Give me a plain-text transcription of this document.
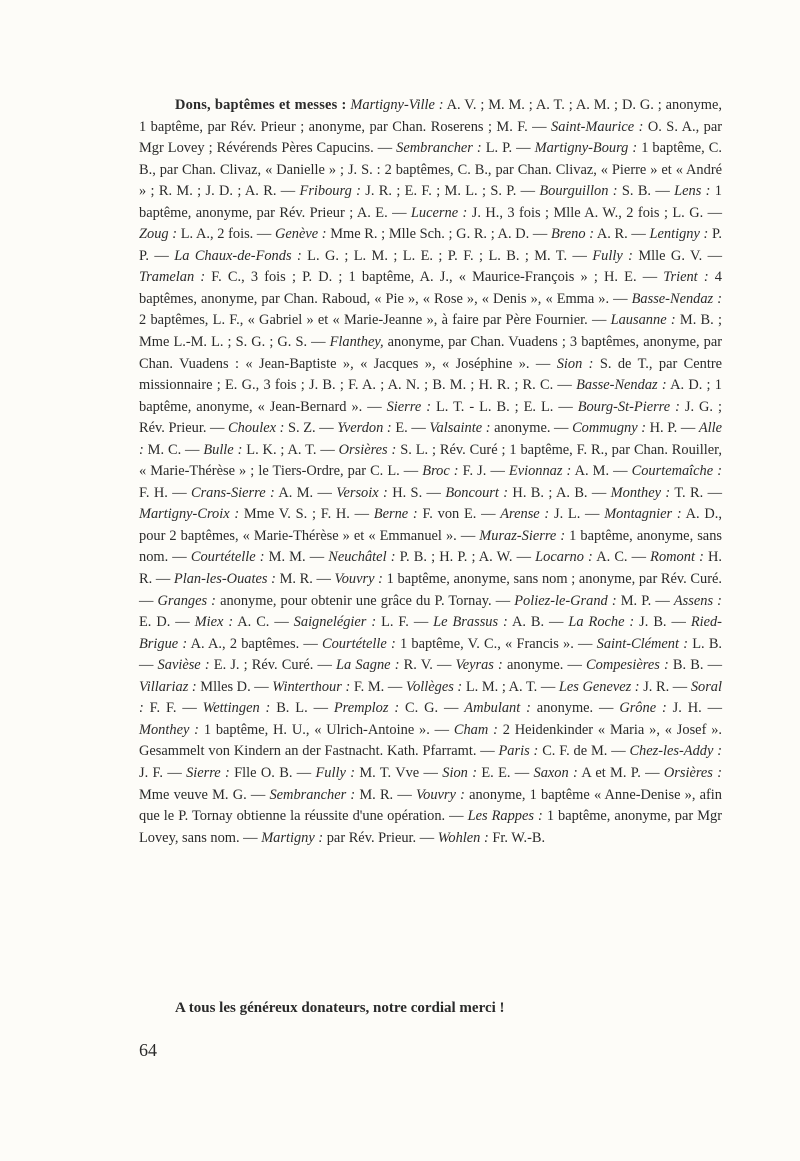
Dons, baptêmes et messes : Martigny-Ville : A. V. ; M. M. ; A. T. ; A. M. ; D. G. ; anonyme, 1 baptême, par Rév. Prieur ; anonyme, par Chan. Roserens ; M. F. — Saint-Maurice : O. S. A., par Mgr Lovey ; Révérends Pères Capucins. — Sembrancher : L. P. — Martigny-Bourg : 1 baptême, C. B., par Chan. Clivaz, « Danielle » ; J. S. : 2 baptêmes, C. B., par Chan. Clivaz, « Pierre » et « André » ; R. M. ; J. D. ; A. R. — Fribourg : J. R. ; E. F. ; M. L. ; S. P. — Bourguillon : S. B. — Lens : 1 baptême, anonyme, par Rév. Prieur ; A. E. — Lucerne : J. H., 3 fois ; Mlle A. W., 2 fois ; L. G. — Zoug : L. A., 2 fois. — Genève : Mme R. ; Mlle Sch. ; G. R. ; A. D. — Breno : A. R. — Lentigny : P. P. — La Chaux-de-Fonds : L. G. ; L. M. ; L. E. ; P. F. ; L. B. ; M. T. — Fully : Mlle G. V. — Tramelan : F. C., 3 fois ; P. D. ; 1 baptême, A. J., « Maurice-François » ; H. E. — Trient : 4 baptêmes, anonyme, par Chan. Raboud, « Pie », « Rose », « Denis », « Emma ». — Basse-Nendaz : 2 baptêmes, L. F., « Gabriel » et « Marie-Jeanne », à faire par Père Fournier. — Lausanne : M. B. ; Mme L.-M. L. ; S. G. ; G. S. — Flanthey, anonyme, par Chan. Vuadens ; 3 baptêmes, anonyme, par Chan. Vuadens : « Jean-Baptiste », « Jacques », « Joséphine ». — Sion : S. de T., par Centre missionnaire ; E. G., 3 fois ; J. B. ; F. A. ; A. N. ; B. M. ; H. R. ; R. C. — Basse-Nendaz : A. D. ; 1 baptême, anonyme, « Jean-Bernard ». — Sierre : L. T. - L. B. ; E. L. — Bourg-St-Pierre : J. G. ; Rév. Prieur. — Choulex : S. Z. — Yverdon : E. — Valsainte : anonyme. — Commugny : H. P. — Alle : M. C. — Bulle : L. K. ; A. T. — Orsières : S. L. ; Rév. Curé ; 1 baptême, F. R., par Chan. Rouiller, « Marie-Thérèse » ; le Tiers-Ordre, par C. L. — Broc : F. J. — Evionnaz : A. M. — Courtemaîche : F. H. — Crans-Sierre : A. M. — Versoix : H. S. — Boncourt : H. B. ; A. B. — Monthey : T. R. — Martigny-Croix : Mme V. S. ; F. H. — Berne : F. von E. — Arense : J. L. — Montagnier : A. D., pour 2 baptêmes, « Marie-Thérèse » et « Emmanuel ». — Muraz-Sierre : 1 baptême, anonyme, sans nom. — Courtételle : M. M. — Neuchâtel : P. B. ; H. P. ; A. W. — Locarno : A. C. — Romont : H. R. — Plan-les-Ouates : M. R. — Vouvry : 1 baptême, anonyme, sans nom ; anonyme, par Rév. Curé. — Granges : anonyme, pour obtenir une grâce du P. Tornay. — Poliez-le-Grand : M. P. — Assens : E. D. — Miex : A. C. — Saignelégier : L. F. — Le Brassus : A. B. — La Roche : J. B. — Ried-Brigue : A. A., 2 baptêmes. — Courtételle : 1 baptême, V. C., « Francis ». — Saint-Clément : L. B. — Savièse : E. J. ; Rév. Curé. — La Sagne : R. V. — Veyras : anonyme. — Compesières : B. B. — Villariaz : Mlles D. — Winterthour : F. M. — Vollèges : L. M. ; A. T. — Les Genevez : J. R. — Soral : F. F. — Wettingen : B. L. — Premploz : C. G. — Ambulant : anonyme. — Grône : J. H. — Monthey : 1 baptême, H. U., « Ulrich-Antoine ». — Cham : 2 Heidenkinder « Maria », « Josef ». Gesammelt von Kindern an der Fastnacht. Kath. Pfarramt. — Paris : C. F. de M. — Chez-les-Addy : J. F. — Sierre : Flle O. B. — Fully : M. T. Vve — Sion : E. E. — Saxon : A et M. P. — Orsières : Mme veuve M. G. — Sembrancher : M. R. — Vouvry : anonyme, 1 baptême « Anne-Denise », afin que le P. Tornay obtienne la réussite d'une opération. — Les Rappes : 1 baptême, anonyme, par Mgr Lovey, sans nom. — Martigny : par Rév. Prieur. — Wohlen : Fr. W.-B.

A tous les généreux donateurs, notre cordial merci !

64
